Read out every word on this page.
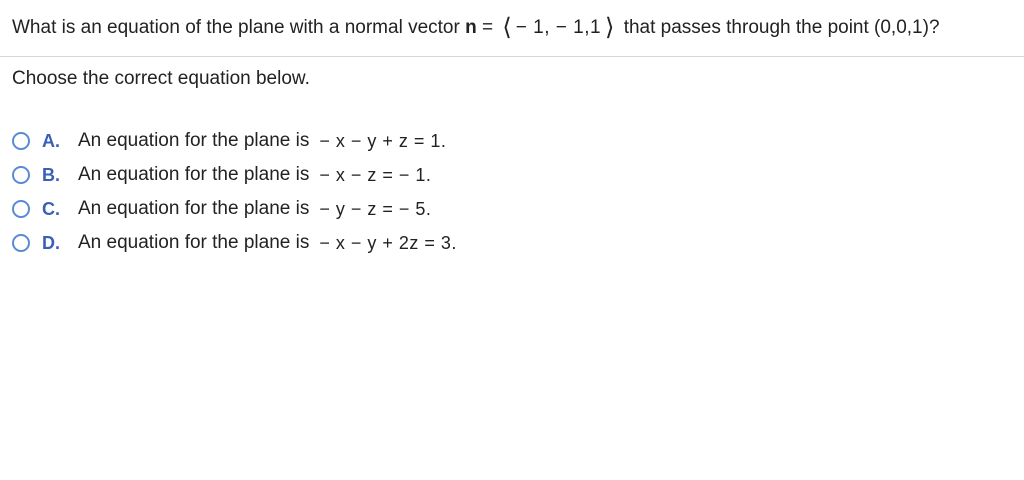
What is an equation of the plane with a normal vector n = ⟨ − 1, − 1,1 ⟩ that passes through the point (0,0,1)?
Choose the correct equation below.
A. An equation for the plane is − x − y + z = 1.
B. An equation for the plane is − x − z = − 1.
C. An equation for the plane is − y − z = − 5.
D. An equation for the plane is − x − y + 2z = 3.
